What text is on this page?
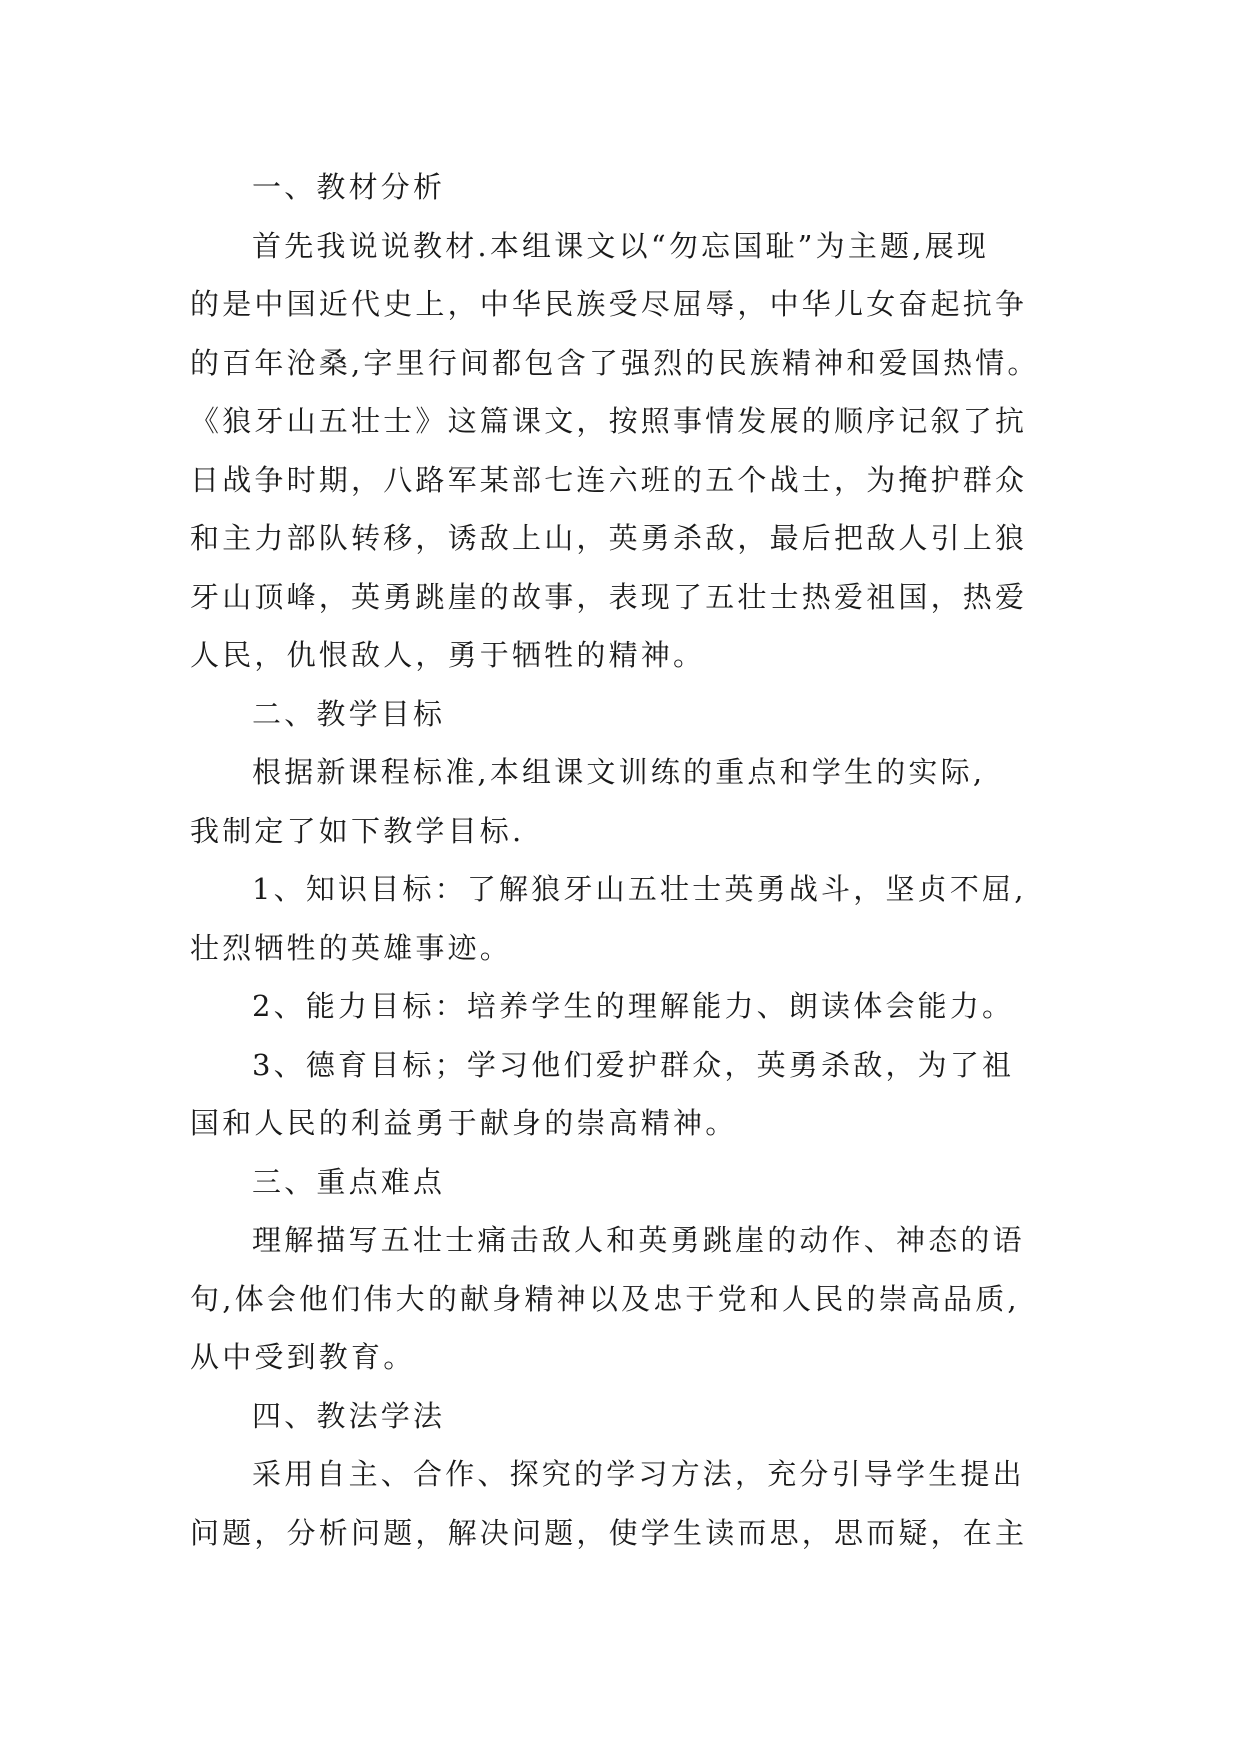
一、教材分析
首先我说说教材.本组课文以“勿忘国耻”为主题,展现
的是中国近代史上，中华民族受尽屈辱，中华儿女奋起抗争
的百年沧桑,字里行间都包含了强烈的民族精神和爱国热情。
《狼牙山五壮士》这篇课文，按照事情发展的顺序记叙了抗
日战争时期，八路军某部七连六班的五个战士，为掩护群众
和主力部队转移，诱敌上山，英勇杀敌，最后把敌人引上狼
牙山顶峰，英勇跳崖的故事，表现了五壮士热爱祖国，热爱
人民，仇恨敌人，勇于牺牲的精神。
二、教学目标
根据新课程标准,本组课文训练的重点和学生的实际,
我制定了如下教学目标.
1、知识目标：了解狼牙山五壮士英勇战斗，坚贞不屈,
壮烈牺牲的英雄事迹。
2、能力目标：培养学生的理解能力、朗读体会能力。
3、德育目标；学习他们爱护群众，英勇杀敌，为了祖
国和人民的利益勇于献身的崇高精神。
三、重点难点
理解描写五壮士痛击敌人和英勇跳崖的动作、神态的语
句,体会他们伟大的献身精神以及忠于党和人民的崇高品质,
从中受到教育。
四、教法学法
采用自主、合作、探究的学习方法，充分引导学生提出
问题，分析问题，解决问题，使学生读而思，思而疑，在主
